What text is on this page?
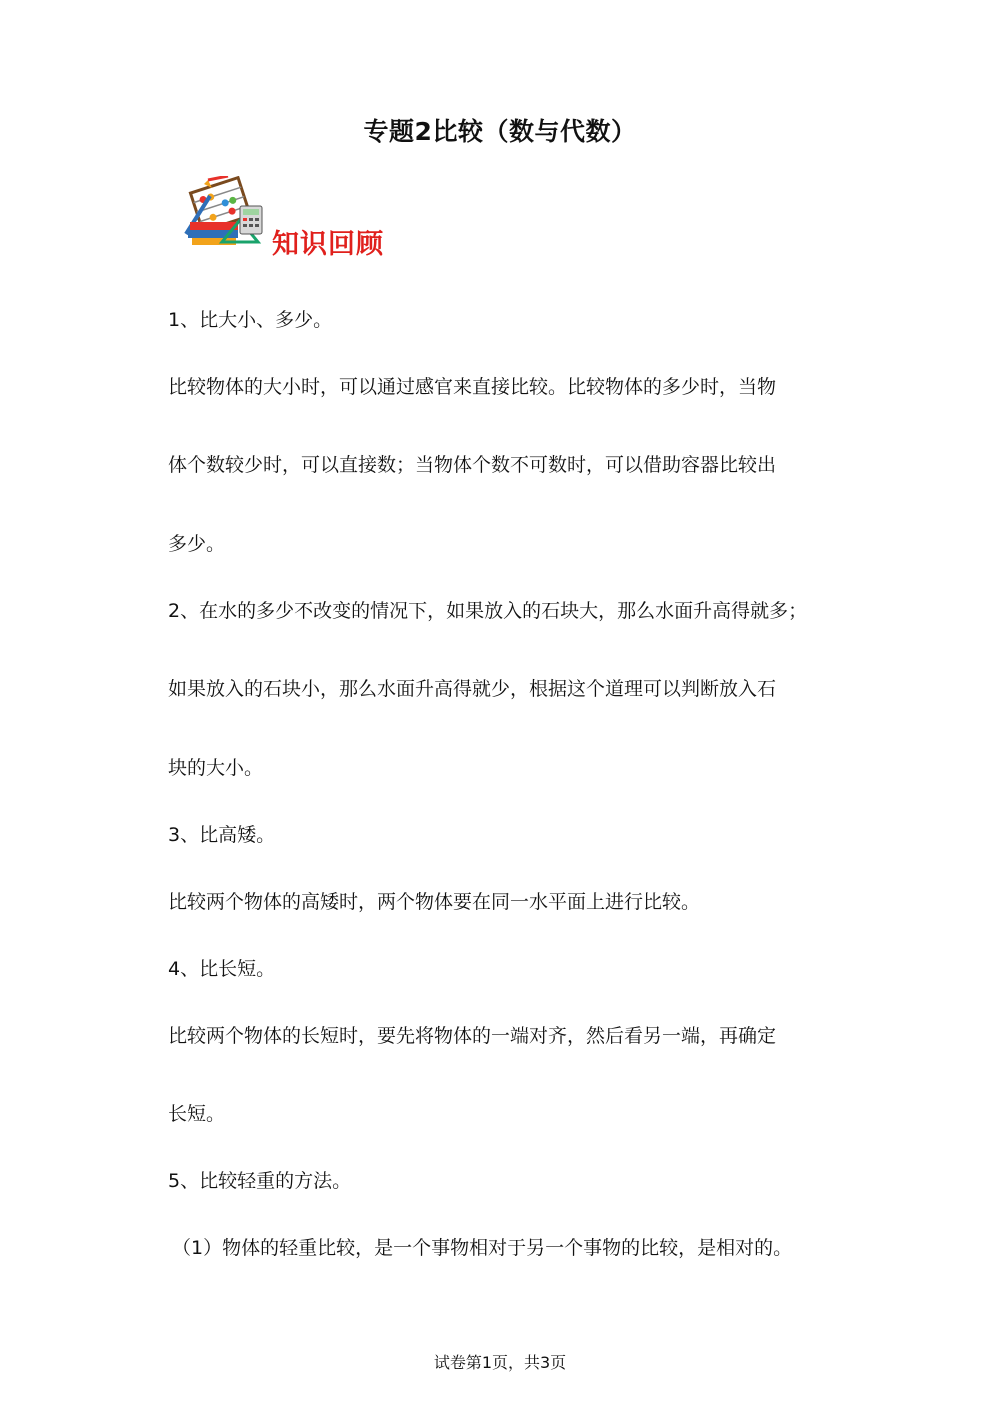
专题2比较（数与代数）
知识回顾
1、比大小、多少。
比较物体的大小时，可以通过感官来直接比较。比较物体的多少时，当物
体个数较少时，可以直接数；当物体个数不可数时，可以借助容器比较出
多少。
2、在水的多少不改变的情况下，如果放入的石块大，那么水面升高得就多；
如果放入的石块小，那么水面升高得就少，根据这个道理可以判断放入石
块的大小。
3、比高矮。
比较两个物体的高矮时，两个物体要在同一水平面上进行比较。
4、比长短。
比较两个物体的长短时，要先将物体的一端对齐，然后看另一端，再确定
长短。
5、比较轻重的方法。
（1）物体的轻重比较，是一个事物相对于另一个事物的比较，是相对的。
试卷第1页，共3页
